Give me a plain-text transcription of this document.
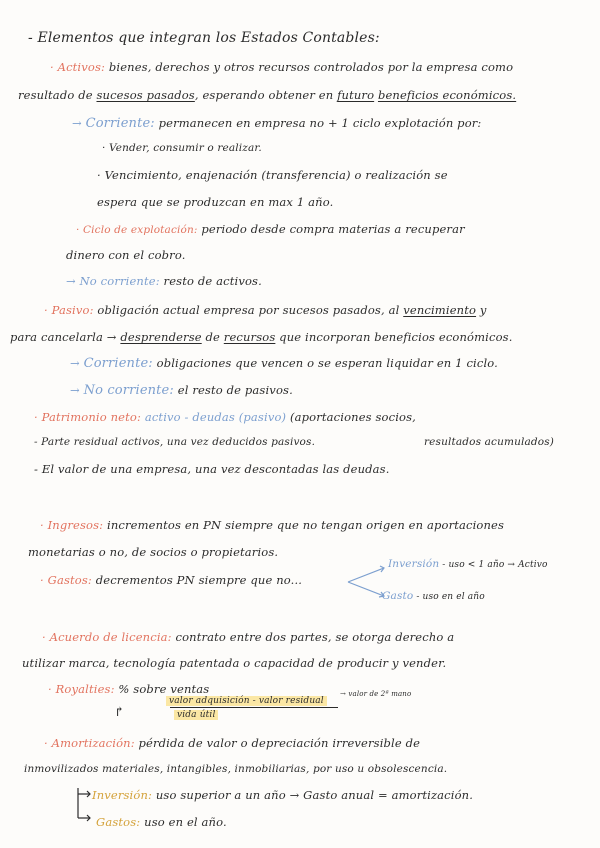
- Elementos que integran los Estados Contables:
· Activos: bienes, derechos y otros recursos controlados por la empresa como
resultado de sucesos pasados, esperando obtener en futuro beneficios económicos.
→ Corriente: permanecen en empresa no + 1 ciclo explotación por:
· Vender, consumir o realizar.
· Vencimiento, enajenación (transferencia) o realización se
espera que se produzcan en max 1 año.
· Ciclo de explotación: periodo desde compra materias a recuperar
dinero con el cobro.
→ No corriente: resto de activos.
· Pasivo: obligación actual empresa por sucesos pasados, al vencimiento y
para cancelarla → desprenderse de recursos que incorporan beneficios económicos.
→ Corriente: obligaciones que vencen o se esperan liquidar en 1 ciclo.
→ No corriente: el resto de pasivos.
· Patrimonio neto: activo - deudas (pasivo) (aportaciones socios,
- Parte residual activos, una vez deducidos pasivos.	resultados acumulados)
- El valor de una empresa, una vez descontadas las deudas.
· Ingresos: incrementos en PN siempre que no tengan origen en aportaciones
monetarias o no, de socios o propietarios.
· Gastos: decrementos PN siempre que no...
Inversión - uso < 1 año → Activo
Gasto - uso en el año
· Acuerdo de licencia: contrato entre dos partes, se otorga derecho a
utilizar marca, tecnología patentada o capacidad de producir y vender.
· Royalties: % sobre ventas
valor adquisición - valor residual
→ valor de 2ª mano
vida útil
↱
· Amortización: pérdida de valor o depreciación irreversible de
inmovilizados materiales, intangibles, inmobiliarias, por uso u obsolescencia.
Inversión: uso superior a un año → Gasto anual = amortización.
Gastos: uso en el año.
